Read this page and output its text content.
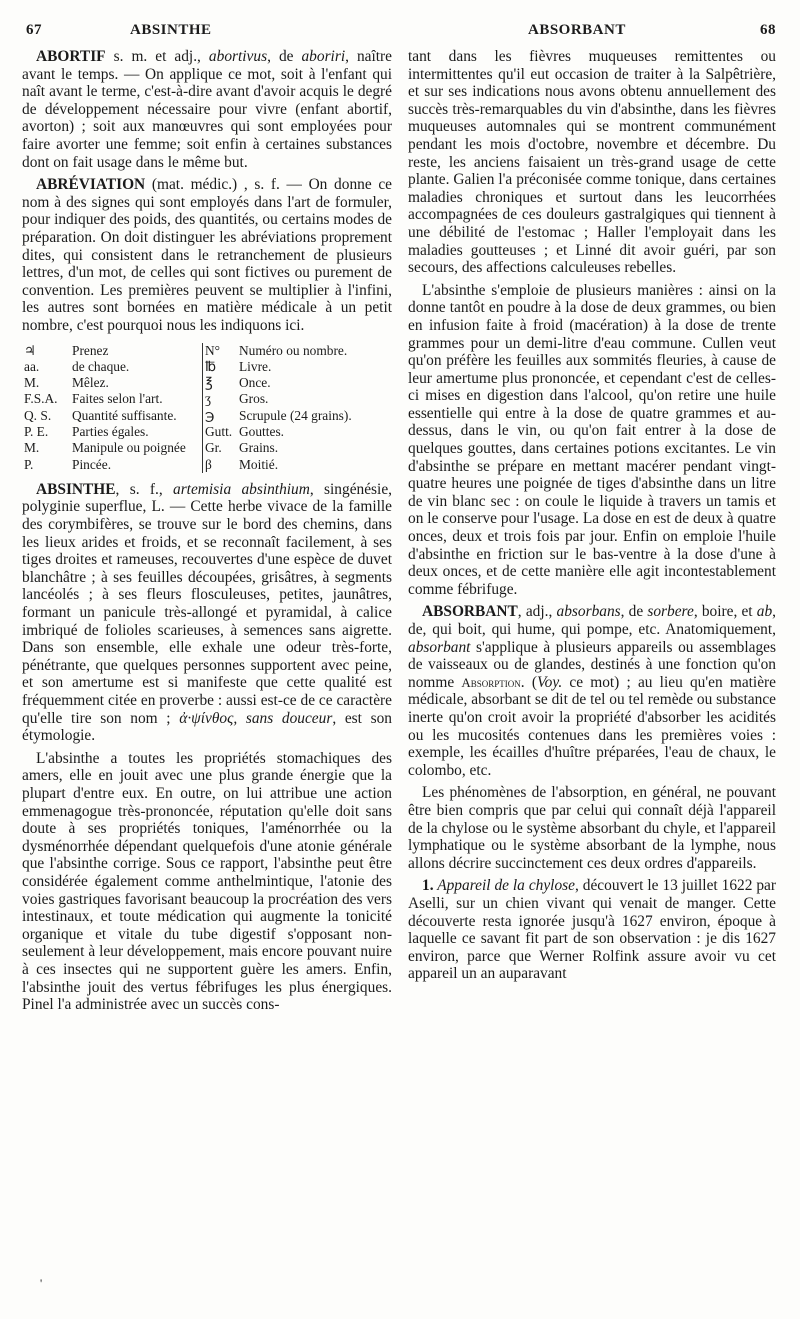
67	ABSINTHE	ABSORBANT	68

ABORTIF s. m. et adj., abortivus, de aboriri, naître avant le temps. — On applique ce mot, soit à l'enfant qui naît avant le terme, c'est-à-dire avant d'avoir acquis le degré de développement nécessaire pour vivre (enfant abortif, avorton) ; soit aux manœuvres qui sont employées pour faire avorter une femme; soit enfin à certaines substances dont on fait usage dans le même but.

ABRÉVIATION (mat. médic.) , s. f. — On donne ce nom à des signes qui sont employés dans l'art de formuler, pour indiquer des poids, des quantités, ou certains modes de préparation. On doit distinguer les abréviations proprement dites, qui consistent dans le retranchement de plusieurs lettres, d'un mot, de celles qui sont fictives ou purement de convention. Les premières peuvent se multiplier à l'infini, les autres sont bornées en matière médicale à un petit nombre, c'est pourquoi nous les indiquons ici.

♃	Prenez	N°	Numéro ou nombre.
aa.	de chaque.	℔	Livre.
M.	Mêlez.	℥	Once.
F.S.A.	Faites selon l'art.	ʒ	Gros.
Q. S.	Quantité suffisante.	℈	Scrupule (24 grains).
P. E.	Parties égales.	Gutt.	Gouttes.
M.	Manipule ou poignée	Gr.	Grains.
P.	Pincée.	β	Moitié.

ABSINTHE, s. f., artemisia absinthium, singénésie, polyginie superflue, L. — Cette herbe vivace de la famille des corymbifères, se trouve sur le bord des chemins, dans les lieux arides et froids, et se reconnaît facilement, à ses tiges droites et rameuses, recouvertes d'une espèce de duvet blanchâtre ; à ses feuilles découpées, grisâtres, à segments lancéolés ; à ses fleurs flosculeuses, petites, jaunâtres, formant un panicule très-allongé et pyramidal, à calice imbriqué de folioles scarieuses, à semences sans aigrette. Dans son ensemble, elle exhale une odeur très-forte, pénétrante, que quelques personnes supportent avec peine, et son amertume est si manifeste que cette qualité est fréquemment citée en proverbe : aussi est-ce de ce caractère qu'elle tire son nom ; ἀ·ψίνθος, sans douceur, est son étymologie.

L'absinthe a toutes les propriétés stomachiques des amers, elle en jouit avec une plus grande énergie que la plupart d'entre eux. En outre, on lui attribue une action emmenagogue très-prononcée, réputation qu'elle doit sans doute à ses propriétés toniques, l'aménorrhée ou la dysménorrhée dépendant quelquefois d'une atonie générale que l'absinthe corrige. Sous ce rapport, l'absinthe peut être considérée également comme anthelmintique, l'atonie des voies gastriques favorisant beaucoup la procréation des vers intestinaux, et toute médication qui augmente la tonicité organique et vitale du tube digestif s'opposant non-seulement à leur développement, mais encore pouvant nuire à ces insectes qui ne supportent guère les amers. Enfin, l'absinthe jouit des vertus fébrifuges les plus énergiques. Pinel l'a administrée avec un succès cons-

tant dans les fièvres muqueuses remittentes ou intermittentes qu'il eut occasion de traiter à la Salpêtrière, et sur ses indications nous avons obtenu annuellement des succès très-remarquables du vin d'absinthe, dans les fièvres muqueuses automnales qui se montrent communément pendant les mois d'octobre, novembre et décembre. Du reste, les anciens faisaient un très-grand usage de cette plante. Galien l'a préconisée comme tonique, dans certaines maladies chroniques et surtout dans les leucorrhées accompagnées de ces douleurs gastralgiques qui tiennent à une débilité de l'estomac ; Haller l'employait dans les maladies goutteuses ; et Linné dit avoir guéri, par son secours, des affections calculeuses rebelles.

L'absinthe s'emploie de plusieurs manières : ainsi on la donne tantôt en poudre à la dose de deux grammes, ou bien en infusion faite à froid (macération) à la dose de trente grammes pour un demi-litre d'eau commune. Cullen veut qu'on préfère les feuilles aux sommités fleuries, à cause de leur amertume plus prononcée, et cependant c'est de celles-ci mises en digestion dans l'alcool, qu'on retire une huile essentielle qui entre à la dose de quatre grammes et au-dessus, dans le vin, ou qu'on fait entrer à la dose de quelques gouttes, dans certaines potions excitantes. Le vin d'absinthe se prépare en mettant macérer pendant vingt-quatre heures une poignée de tiges d'absinthe dans un litre de vin blanc sec : on coule le liquide à travers un tamis et on le conserve pour l'usage. La dose en est de deux à quatre onces, deux et trois fois par jour. Enfin on emploie l'huile d'absinthe en friction sur le bas-ventre à la dose d'une à deux onces, et de cette manière elle agit incontestablement comme fébrifuge.

ABSORBANT, adj., absorbans, de sorbere, boire, et ab, de, qui boit, qui hume, qui pompe, etc. Anatomiquement, absorbant s'applique à plusieurs appareils ou assemblages de vaisseaux ou de glandes, destinés à une fonction qu'on nomme Absorption. (Voy. ce mot) ; au lieu qu'en matière médicale, absorbant se dit de tel ou tel remède ou substance inerte qu'on croit avoir la propriété d'absorber les acidités ou les mucosités contenues dans les premières voies : exemple, les écailles d'huître préparées, l'eau de chaux, le colombo, etc.

Les phénomènes de l'absorption, en général, ne pouvant être bien compris que par celui qui connaît déjà l'appareil de la chylose ou le système absorbant du chyle, et l'appareil lymphatique ou le système absorbant de la lymphe, nous allons décrire succinctement ces deux ordres d'appareils.

1. Appareil de la chylose, découvert le 13 juillet 1622 par Aselli, sur un chien vivant qui venait de manger. Cette découverte resta ignorée jusqu'à 1627 environ, époque à laquelle ce savant fit part de son observation : je dis 1627 environ, parce que Werner Rolfink assure avoir vu cet appareil un an auparavant

'
